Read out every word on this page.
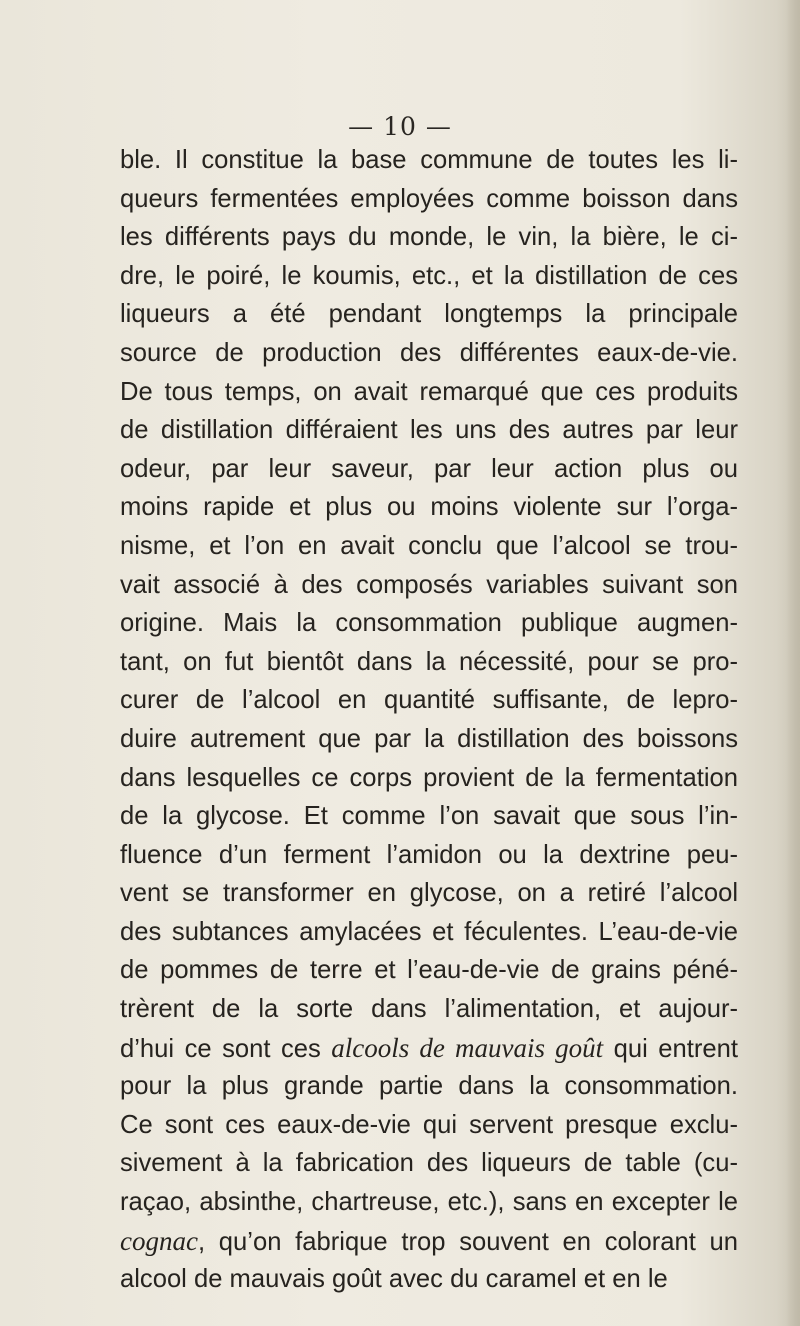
— 10 —
ble. Il constitue la base commune de toutes les li-
queurs fermentées employées comme boisson dans
les différents pays du monde, le vin, la bière, le ci-
dre, le poiré, le koumis, etc., et la distillation de ces
liqueurs a été pendant longtemps la principale
source de production des différentes eaux-de-vie.
De tous temps, on avait remarqué que ces produits
de distillation différaient les uns des autres par leur
odeur, par leur saveur, par leur action plus ou
moins rapide et plus ou moins violente sur l’orga-
nisme, et l’on en avait conclu que l’alcool se trou-
vait associé à des composés variables suivant son
origine. Mais la consommation publique augmen-
tant, on fut bientôt dans la nécessité, pour se pro-
curer de l’alcool en quantité suffisante, de lepro-
duire autrement que par la distillation des boissons
dans lesquelles ce corps provient de la fermentation
de la glycose. Et comme l’on savait que sous l’in-
fluence d’un ferment l’amidon ou la dextrine peu-
vent se transformer en glycose, on a retiré l’alcool
des subtances amylacées et féculentes. L’eau-de-vie
de pommes de terre et l’eau-de-vie de grains péné-
trèrent de la sorte dans l’alimentation, et aujour-
d’hui ce sont ces alcools de mauvais goût qui entrent
pour la plus grande partie dans la consommation.
Ce sont ces eaux-de-vie qui servent presque exclu-
sivement à la fabrication des liqueurs de table (cu-
raçao, absinthe, chartreuse, etc.), sans en excepter le
cognac, qu’on fabrique trop souvent en colorant un
alcool de mauvais goût avec du caramel et en le
